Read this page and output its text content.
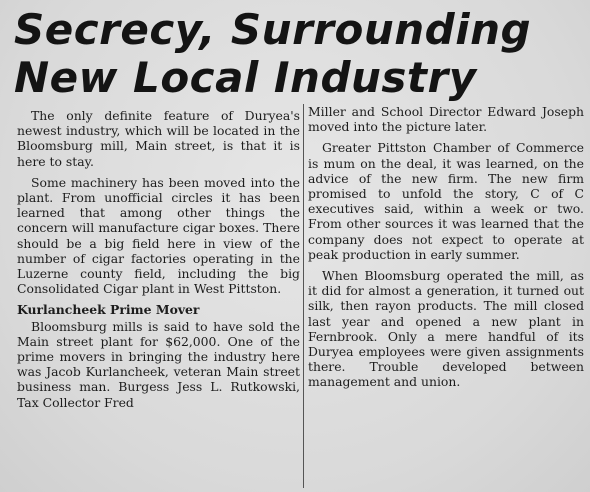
Secrecy, Surrounding
New Local Industry

The only definite feature of Duryea's newest industry, which will be located in the Bloomsburg mill, Main street, is that it is here to stay.

Some machinery has been moved into the plant. From unofficial circles it has been learned that among other things the concern will manufacture cigar boxes. There should be a big field here in view of the number of cigar factories operating in the Luzerne county field, including the big Consolidated Cigar plant in West Pittston.

Kurlancheek Prime Mover

Bloomsburg mills is said to have sold the Main street plant for $62,000. One of the prime movers in bringing the industry here was Jacob Kurlancheek, veteran Main street business man. Burgess Jess L. Rutkowski, Tax Collector Fred

Miller and School Director Edward Joseph moved into the picture later.

Greater Pittston Chamber of Commerce is mum on the deal, it was learned, on the advice of the new firm. The new firm promised to unfold the story, C of C executives said, within a week or two. From other sources it was learned that the company does not expect to operate at peak production in early summer.

When Bloomsburg operated the mill, as it did for almost a generation, it turned out silk, then rayon products. The mill closed last year and opened a new plant in Fernbrook. Only a mere handful of its Duryea employees were given assignments there. Trouble developed between management and union.
